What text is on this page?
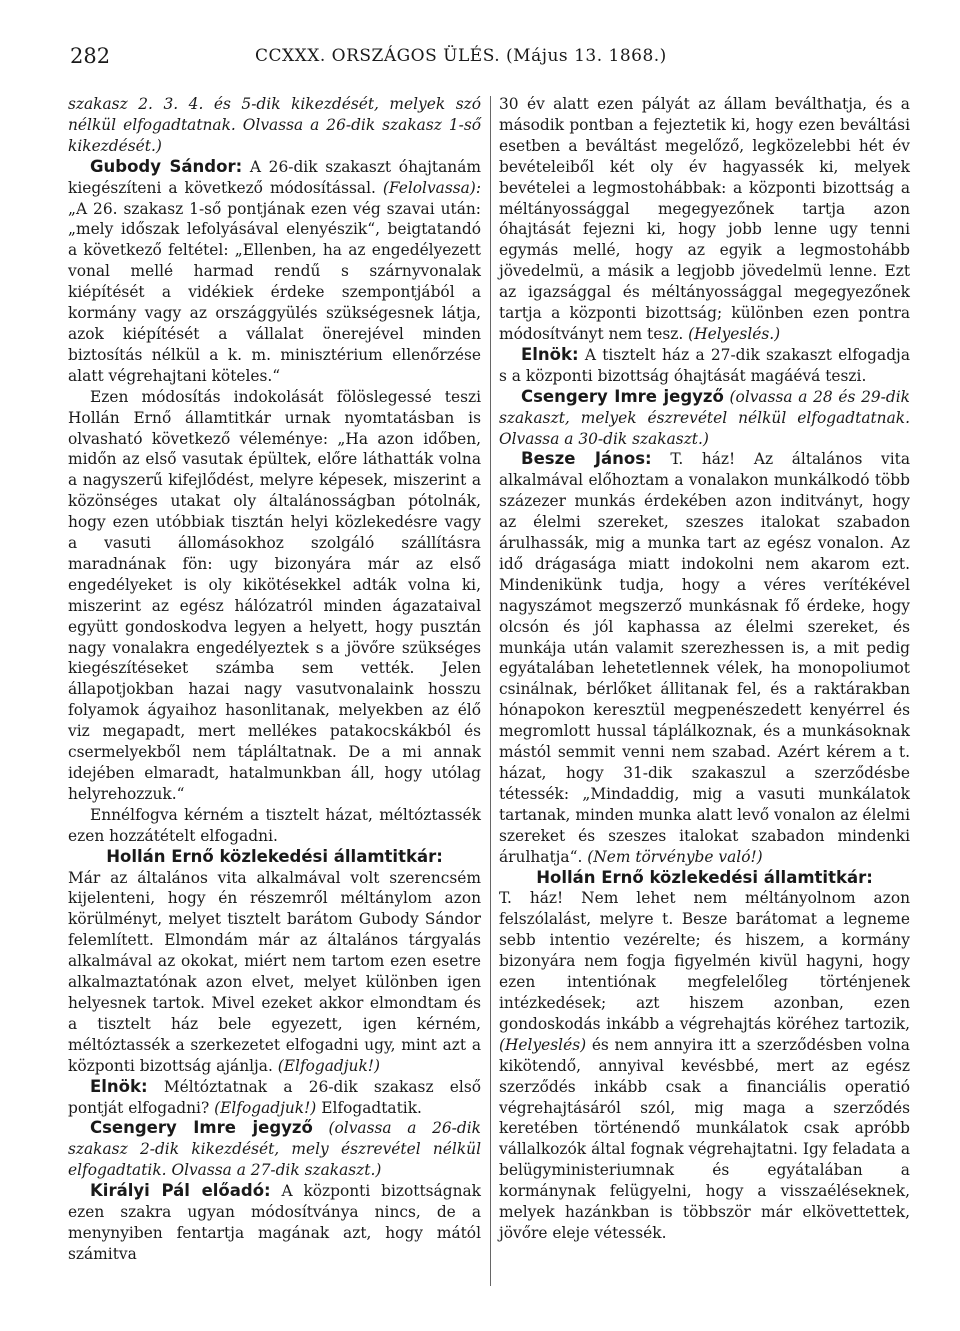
282	CCXXX. ORSZÁGOS ÜLÉS. (Május 13. 1868.)

szakasz 2. 3. 4. és 5-dik kikezdését, melyek szó nélkül elfogadtatnak. Olvassa a 26-dik szakasz 1-ső kikezdését.)

Gubody Sándor: A 26-dik szakaszt óhajtanám kiegészíteni a következő módosítással. (Felolvassa): „A 26. szakasz 1-ső pontjának ezen vég szavai után: „mely időszak lefolyásával elenyészik“, beigtatandó a következő feltétel: „Ellenben, ha az engedélyezett vonal mellé harmad rendű s szárnyvonalak kiépítését a vidékiek érdeke szempontjából a kormány vagy az országgyülés szükségesnek látja, azok kiépítését a vállalat önerejével minden biztosítás nélkül a k. m. minisztérium ellenőrzése alatt végrehajtani köteles.“

Ezen módosítás indokolását fölöslegessé teszi Hollán Ernő államtitkár urnak nyomtatásban is olvasható következő véleménye: „Ha azon időben, midőn az első vasutak épültek, előre láthatták volna a nagyszerű kifejlődést, melyre képesek, miszerint a közönséges utakat oly általánosságban pótolnák, hogy ezen utóbbiak tisztán helyi közlekedésre vagy a vasuti állomásokhoz szolgáló szállításra maradnának fön: ugy bizonyára már az első engedélyeket is oly kikötésekkel adták volna ki, miszerint az egész hálózatról minden ágazataival együtt gondoskodva legyen a helyett, hogy pusztán nagy vonalakra engedélyeztek s a jövőre szükséges kiegészítéseket számba sem vették. Jelen állapotjokban hazai nagy vasutvonalaink hosszu folyamok ágyaihoz hasonlitanak, melyekben az élő viz megapadt, mert mellékes patakocskákból és csermelyekből nem tápláltatnak. De a mi annak idejében elmaradt, hatalmunkban áll, hogy utólag helyrehozzuk.“

Ennélfogva kérném a tisztelt házat, méltóztassék ezen hozzátételt elfogadni.

Hollán Ernő közlekedési államtitkár:

Már az általános vita alkalmával volt szerencsém kijelenteni, hogy én részemről méltánylom azon körülményt, melyet tisztelt barátom Gubody Sándor felemlített. Elmondám már az általános tárgyalás alkalmával az okokat, miért nem tartom ezen esetre alkalmaztatónak azon elvet, melyet különben igen helyesnek tartok. Mivel ezeket akkor elmondtam és a tisztelt ház bele egyezett, igen kérném, méltóztassék a szerkezetet elfogadni ugy, mint azt a központi bizottság ajánlja. (Elfogadjuk!)

Elnök: Méltóztatnak a 26-dik szakasz első pontját elfogadni? (Elfogadjuk!) Elfogadtatik.

Csengery Imre jegyző (olvassa a 26-dik szakasz 2-dik kikezdését, mely észrevétel nélkül elfogadtatik. Olvassa a 27-dik szakaszt.)

Királyi Pál előadó: A központi bizottságnak ezen szakra ugyan módosítványa nincs, de a menynyiben fentartja magának azt, hogy mától számitva

30 év alatt ezen pályát az állam beválthatja, és a második pontban a fejeztetik ki, hogy ezen beváltási esetben a beváltást megelőző, legközelebbi hét év bevételeiből két oly év hagyassék ki, melyek bevételei a legmostohábbak: a központi bizottság a méltányossággal megegyezőnek tartja azon óhajtását fejezni ki, hogy jobb lenne ugy tenni egymás mellé, hogy az egyik a legmostohább jövedelmü, a másik a legjobb jövedelmü lenne. Ezt az igazsággal és méltányossággal megegyezőnek tartja a központi bizottság; különben ezen pontra módosítványt nem tesz. (Helyeslés.)

Elnök: A tisztelt ház a 27-dik szakaszt elfogadja s a központi bizottság óhajtását magáévá teszi.

Csengery Imre jegyző (olvassa a 28 és 29-dik szakaszt, melyek észrevétel nélkül elfogadtatnak. Olvassa a 30-dik szakaszt.)

Besze János: T. ház! Az általános vita alkalmával előhoztam a vonalakon munkálkodó több százezer munkás érdekében azon inditványt, hogy az élelmi szereket, szeszes italokat szabadon árulhassák, mig a munka tart az egész vonalon. Az idő drágasága miatt indokolni nem akarom ezt. Mindenikünk tudja, hogy a véres verítékével nagyszámot megszerző munkásnak fő érdeke, hogy olcsón és jól kaphassa az élelmi szereket, és munkája után valamit szerezhessen is, a mit pedig egyátalában lehetetlennek vélek, ha monopoliumot csinálnak, bérlőket állitanak fel, és a raktárakban hónapokon keresztül megpenészedett kenyérrel és megromlott hussal táplálkoznak, és a munkásoknak mástól semmit venni nem szabad. Azért kérem a t. házat, hogy 31-dik szakaszul a szerződésbe tétessék: „Mindaddig, mig a vasuti munkálatok tartanak, minden munka alatt levő vonalon az élelmi szereket és szeszes italokat szabadon mindenki árulhatja“. (Nem törvénybe való!)

Hollán Ernő közlekedési államtitkár:

T. ház! Nem lehet nem méltányolnom azon felszólalást, melyre t. Besze barátomat a legneme sebb intentio vezérelte; és hiszem, a kormány bizonyára nem fogja figyelmén kivül hagyni, hogy ezen intentiónak megfelelőleg történjenek intézkedések; azt hiszem azonban, ezen gondoskodás inkább a végrehajtás köréhez tartozik, (Helyeslés) és nem annyira itt a szerződésben volna kikötendő, annyival kevésbbé, mert az egész szerződés inkább csak a financiális operatió végrehajtásáról szól, mig maga a szerződés keretében történendő munkálatok csak apróbb vállalkozók által fognak végrehajtatni. Igy feladata a belügyministeriumnak és egyátalában a kormánynak felügyelni, hogy a visszaéléseknek, melyek hazánkban is többször már elkövettettek, jövőre eleje vétessék.
